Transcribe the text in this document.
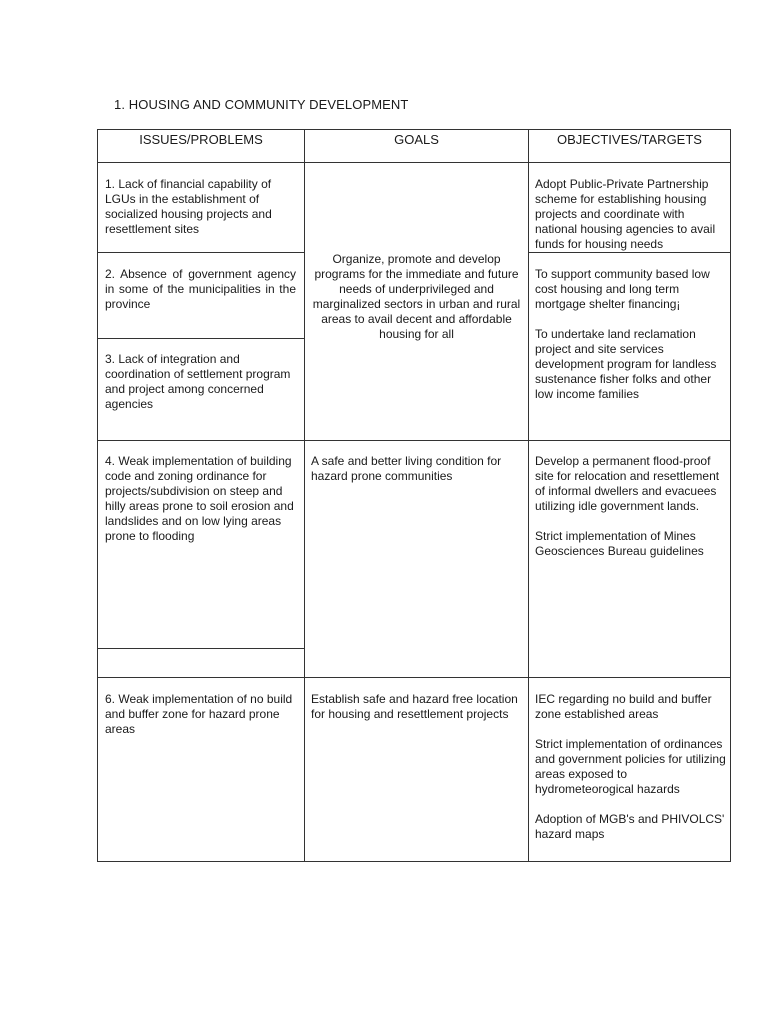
1. HOUSING AND COMMUNITY DEVELOPMENT
ISSUES/PROBLEMS	GOALS	OBJECTIVES/TARGETS

1. Lack of financial capability of LGUs in the establishment of socialized housing projects and resettlement sites

2. Absence of government agency in some of the municipalities in the province

3. Lack of integration and coordination of settlement program and project among concerned agencies

4. Weak implementation of building code and zoning ordinance for projects/subdivision on steep and hilly areas prone to soil erosion and landslides and on low lying areas prone to flooding

6. Weak implementation of no build and buffer zone for hazard prone areas

Organize, promote and develop programs for the immediate and future needs of underprivileged and marginalized sectors in urban and rural areas to avail decent and affordable housing for all

A safe and better living condition for hazard prone communities

Establish safe and hazard free location for housing and resettlement projects

Adopt Public-Private Partnership scheme for establishing housing projects and coordinate with national housing agencies to avail funds for housing needs

To support community based low cost housing and long term mortgage shelter financing¡

To undertake land reclamation project and site services development program for landless sustenance fisher folks and other low income families

Develop a permanent flood-proof site for relocation and resettlement of informal dwellers and evacuees utilizing idle government lands.

Strict implementation of Mines Geosciences Bureau guidelines

IEC regarding no build and buffer zone established areas

Strict implementation of ordinances and government policies for utilizing areas exposed to hydrometeorogical hazards

Adoption of MGB's and PHIVOLCS' hazard maps
